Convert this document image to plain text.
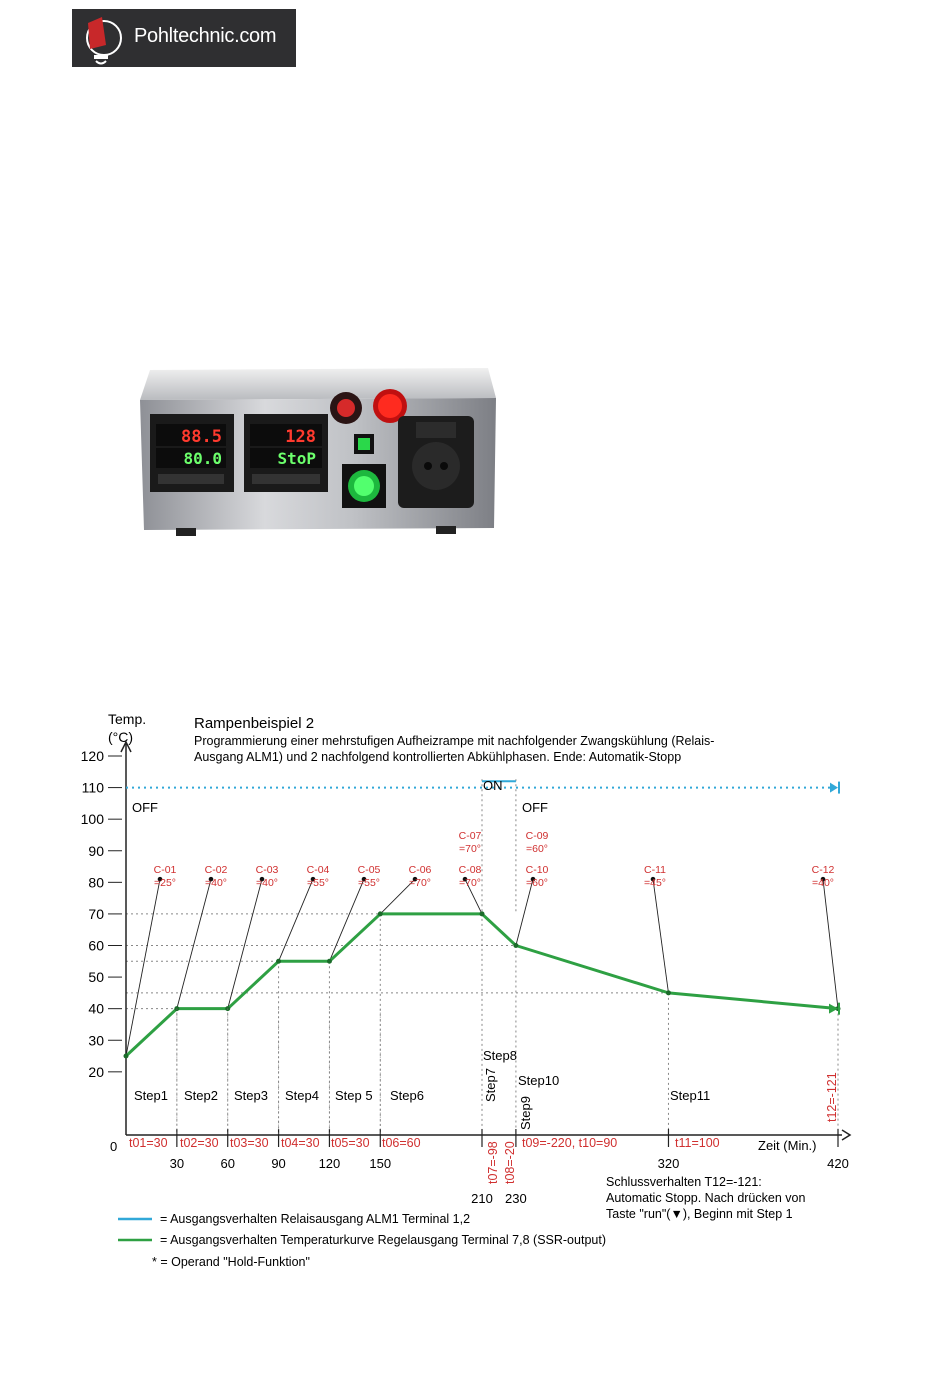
Pohltechnic.com
88.5
80.0
128
StoP
20
30
40
50
60
70
80
90
100
110
120
30	60	90	120 150
210 230
320	420
Temp.
(°C)
Rampenbeispiel 2
Programmierung einer mehrstufigen Aufheizrampe mit nachfolgender Zwangskühlung (Relais-
Ausgang ALM1) und 2 nachfolgend kontrollierten Abkühlphasen. Ende: Automatik-Stopp
Zeit (Min.)
0
OFF
ON
OFF
C-01
=25°
C-02
=40°
C-03
=40°
C-04
=55°
C-05
=55°
C-06
=70°
C-07
=70°
C-08
=70°
C-09
=60°
C-10
=60°
C-11
=45°
C-12
=40°
Step1 Step2 Step3 Step4 Step 5 Step6
Step8
Step10
Step11
Step7
Step9
t01=30 t02=30 t03=30 t04=30 t05=30 t06=60	t09=-220, t10=90	t11=100
t07=-98 t08=-20
t12=-121
Schlussverhalten T12=-121:
Automatic Stopp. Nach drücken von
Taste "run"(▼), Beginn mit Step 1
= Ausgangsverhalten Relaisausgang ALM1 Terminal 1,2
= Ausgangsverhalten Temperaturkurve Regelausgang Terminal 7,8 (SSR-output)
* = Operand "Hold-Funktion"
